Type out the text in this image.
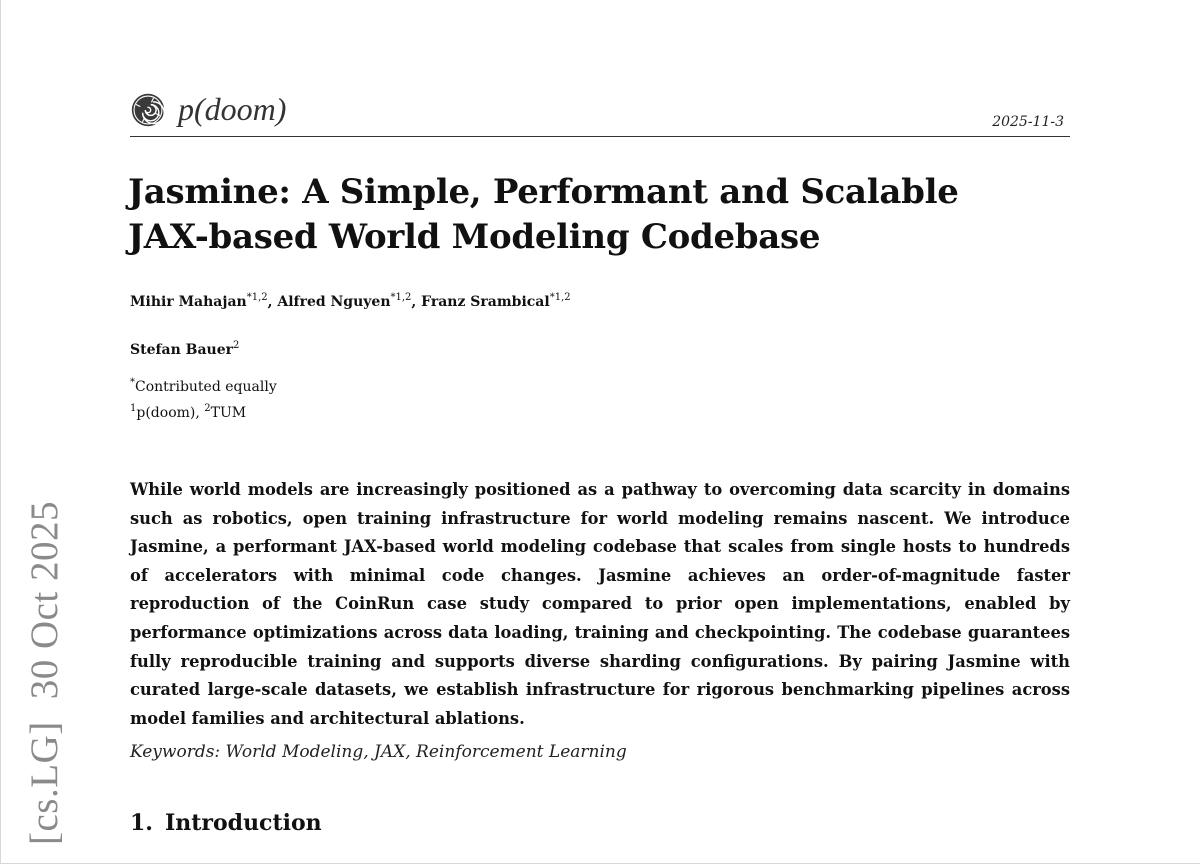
[cs.LG]30 Oct 2025
p(doom)	2025-11-3
Jasmine: A Simple, Performant and Scalable
JAX-based World Modeling Codebase
Mihir Mahajan$^{*1,2}$, Alfred Nguyen$^{*1,2}$, Franz Srambical$^{*1,2}$
Stefan Bauer$^2$
*Contributed equally
$^1$p(doom), $^2$TUM

While world models are increasingly positioned as a pathway to overcoming data scarcity in domains such as robotics, open training infrastructure for world modeling remains nascent. We introduce Jasmine, a performant JAX-based world modeling codebase that scales from single hosts to hundreds of accelerators with minimal code changes. Jasmine achieves an order-of-magnitude faster reproduction of the CoinRun case study compared to prior open implementations, enabled by performance optimizations across data loading, training and checkpointing. The codebase guarantees fully reproducible training and supports diverse sharding configurations. By pairing Jasmine with curated large-scale datasets, we establish infrastructure for rigorous benchmarking pipelines across model families and architectural ablations.

Keywords: World Modeling, JAX, Reinforcement Learning
1. Introduction
